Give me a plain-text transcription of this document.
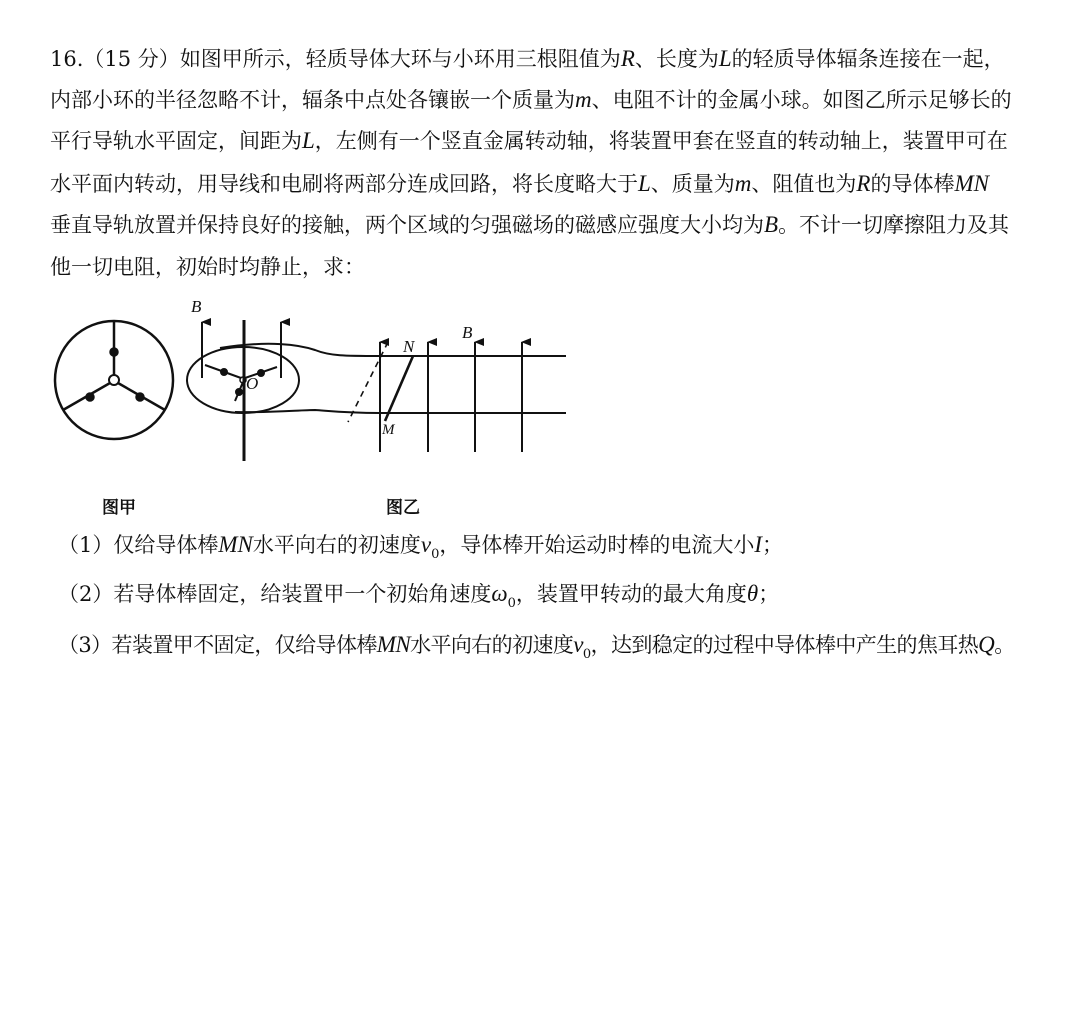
16.（15 分）如图甲所示，轻质导体大环与小环用三根阻值为R、长度为L的轻质导体辐条连接在一起，
内部小环的半径忽略不计，辐条中点处各镶嵌一个质量为m、电阻不计的金属小球。如图乙所示足够长的
平行导轨水平固定，间距为L，左侧有一个竖直金属转动轴，将装置甲套在竖直的转动轴上，装置甲可在
水平面内转动，用导线和电刷将两部分连成回路，将长度略大于L、质量为m、阻值也为R的导体棒MN
垂直导轨放置并保持良好的接触，两个区域的匀强磁场的磁感应强度大小均为B。不计一切摩擦阻力及其
他一切电阻，初始时均静止，求：
B
O
N
B
M
图甲	图乙
（1）仅给导体棒MN水平向右的初速度$v_0$，导体棒开始运动时棒的电流大小I；
（2）若导体棒固定，给装置甲一个初始角速度$\omega_0$，装置甲转动的最大角度θ；
（3）若装置甲不固定，仅给导体棒MN水平向右的初速度$v_0$，达到稳定的过程中导体棒中产生的焦耳热Q。
